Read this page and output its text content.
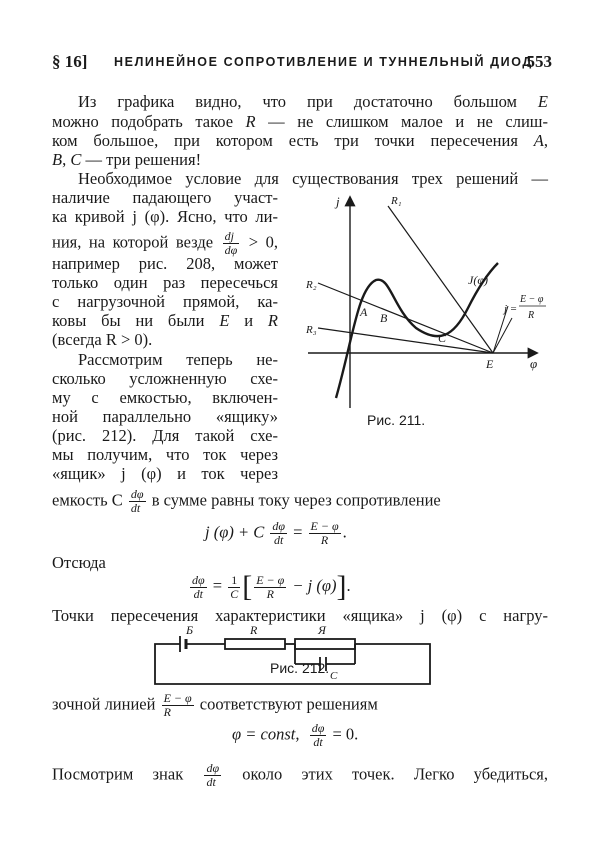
§ 16] НЕЛИНЕЙНОЕ СОПРОТИВЛЕНИЕ И ТУННЕЛЬНЫЙ ДИОД
553
Из графика видно, что при достаточно большом E
можно подобрать такое R — не слишком малое и не слиш-
ком большое, при котором есть три точки пересечения A,
B, C — три решения!
Необходимое условие для существования трех решений —
наличие падающего участ-
ка кривой j (φ). Ясно, что ли-
ния, на которой везде $\frac{dj}{d\varphi} > 0$,
например рис. 208, может
только один раз пересечься
с нагрузочной прямой, ка-
ковы бы ни были E и R
(всегда R > 0).
Рассмотрим теперь не-
сколько усложненную схе-
му с емкостью, включен-
ной параллельно «ящику»
(рис. 212). Для такой схе-
мы получим, что ток через
«ящик» j (φ) и ток через
емкость C $\frac{d\varphi}{dt}$ в сумме равны току через сопротивление
j (φ) + C $\frac{d\varphi}{dt} = \frac{E - \varphi}{R}$ .
Отсюда
$\frac{d\varphi}{dt} = \frac{1}{C}$ [ $\frac{E - \varphi}{R} - j$ (φ)].
Точки пересечения характеристики «ящика» j (φ) с нагру-
Б	R	Я
С
Рис. 212.
зочной линией $\frac{E - \varphi}{R}$ соответствуют решениям
φ = const, $\frac{d\varphi}{dt} = 0$.
Посмотрим знак $\frac{d\varphi}{dt}$ около этих точек. Легко убедиться,
j
φ
R₁
R₂
R₃
J(φ)
A B
C
E
j =
E − φ
R
Рис. 211.
